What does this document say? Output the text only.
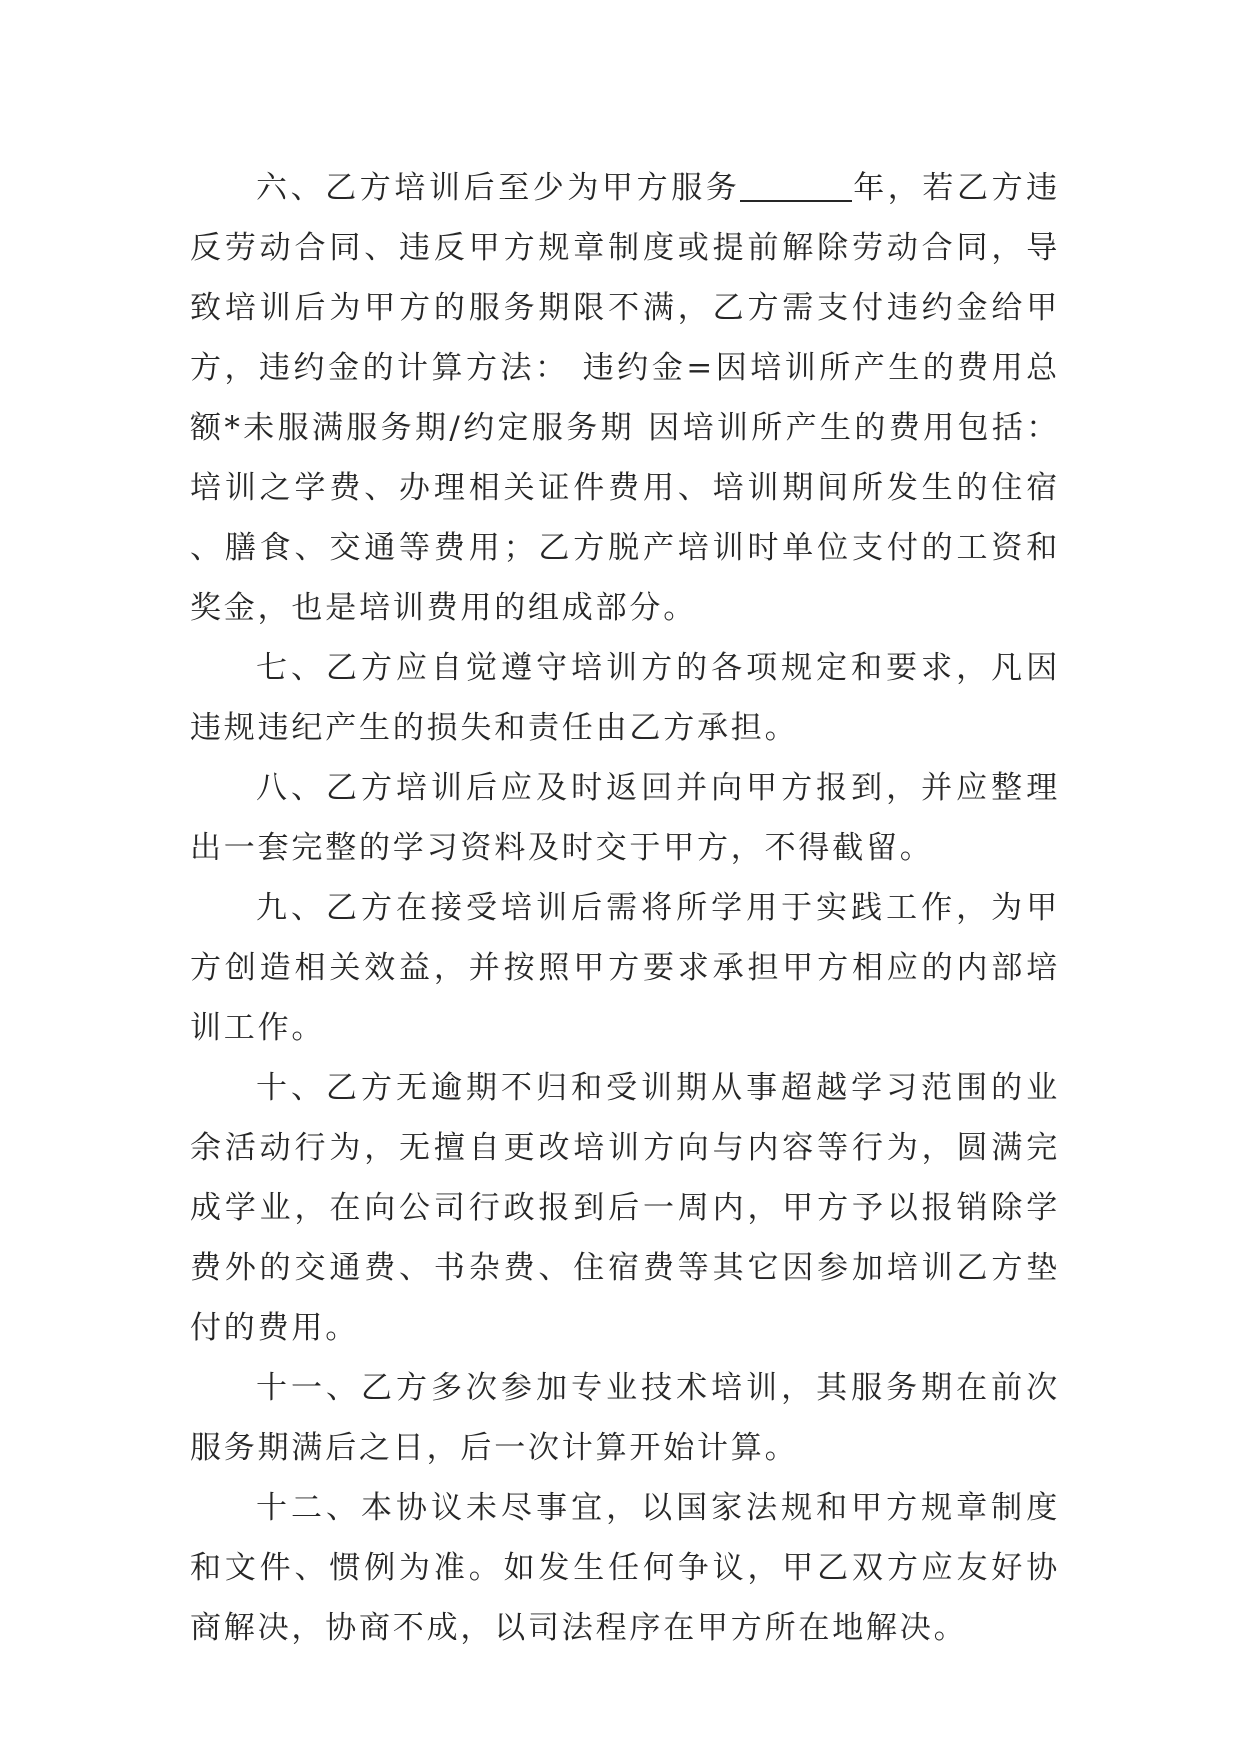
六、乙方培训后至少为甲方服务	年，若乙方违反劳动合同、违反甲方规章制度或提前解除劳动合同，导致培训后为甲方的服务期限不满，乙方需支付违约金给甲方，违约金的计算方法： 违约金=因培训所产生的费用总额*未服满服务期/约定服务期 因培训所产生的费用包括：培训之学费、办理相关证件费用、培训期间所发生的住宿、膳食、交通等费用；乙方脱产培训时单位支付的工资和奖金，也是培训费用的组成部分。

七、乙方应自觉遵守培训方的各项规定和要求，凡因违规违纪产生的损失和责任由乙方承担。

八、乙方培训后应及时返回并向甲方报到，并应整理出一套完整的学习资料及时交于甲方，不得截留。

九、乙方在接受培训后需将所学用于实践工作，为甲方创造相关效益，并按照甲方要求承担甲方相应的内部培训工作。

十、乙方无逾期不归和受训期从事超越学习范围的业余活动行为，无擅自更改培训方向与内容等行为，圆满完成学业，在向公司行政报到后一周内，甲方予以报销除学费外的交通费、书杂费、住宿费等其它因参加培训乙方垫付的费用。

十一、乙方多次参加专业技术培训，其服务期在前次服务期满后之日，后一次计算开始计算。

十二、本协议未尽事宜，以国家法规和甲方规章制度和文件、惯例为准。如发生任何争议，甲乙双方应友好协商解决，协商不成，以司法程序在甲方所在地解决。
